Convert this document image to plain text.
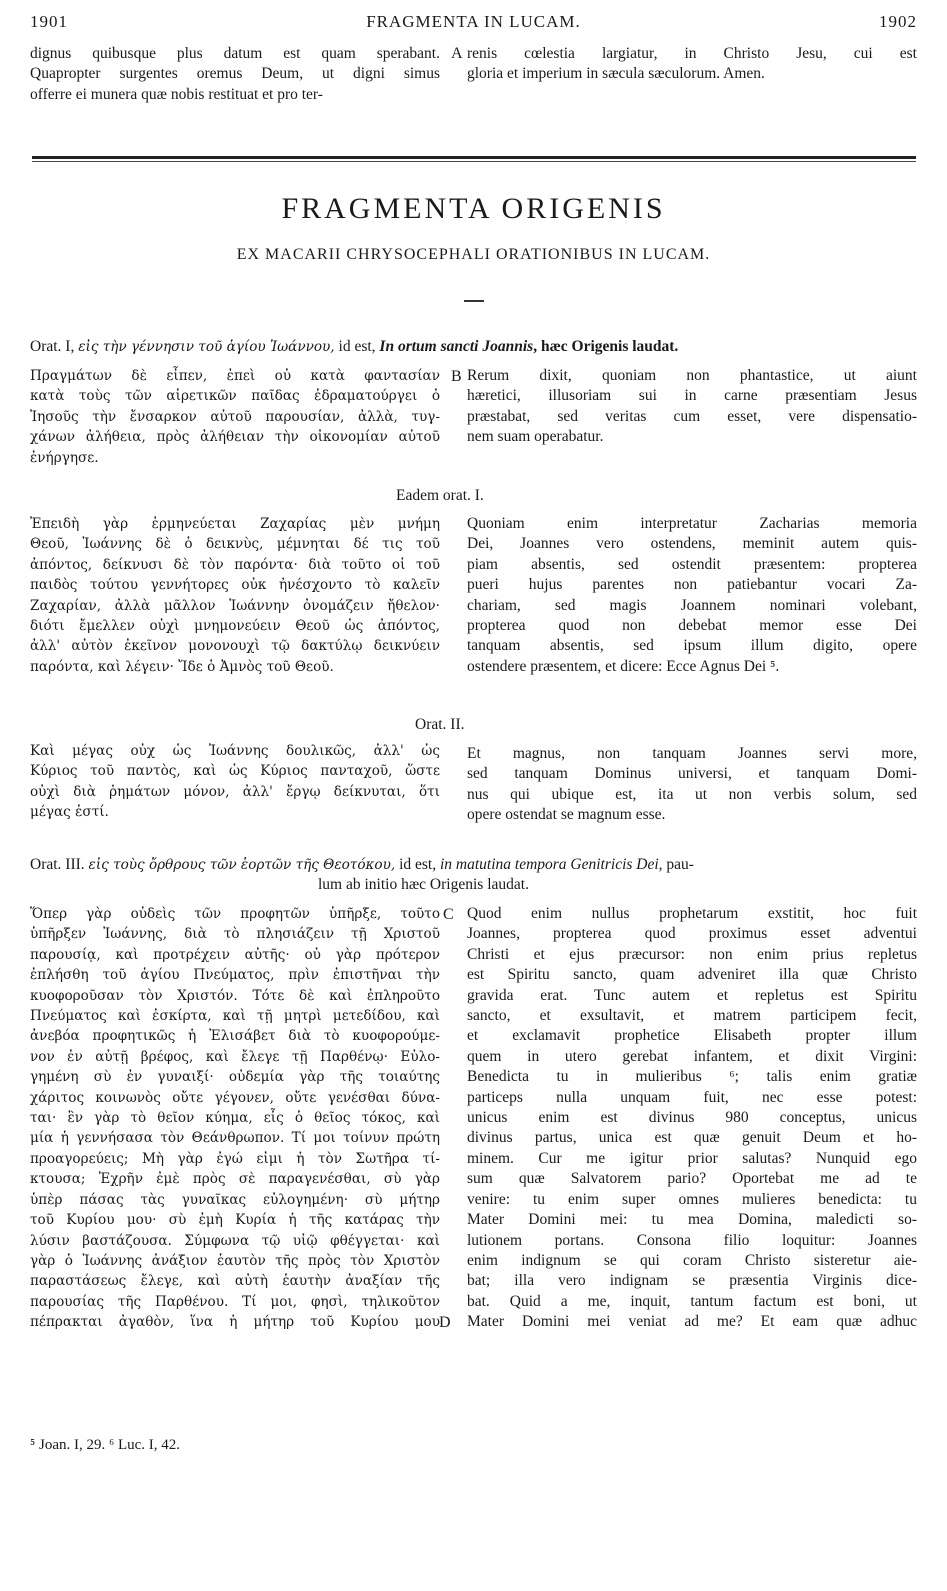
1901	FRAGMENTA IN LUCAM.	1902
dignus quibusque plus datum est quam sperabant.
Quapropter surgentes oremus Deum, ut digni simus
offerre ei munera quæ nobis restituat et pro ter-
A renis cœlestia largiatur, in Christo Jesu, cui est
gloria et imperium in sæcula sæculorum. Amen.
FRAGMENTA ORIGENIS
EX MACARII CHRYSOCEPHALI ORATIONIBUS IN LUCAM.
Orat. I, εἰς τὴν γέννησιν τοῦ ἁγίου Ἰωάννου, id est, In ortum sancti Joannis, hæc Origenis laudat.
Πραγμάτων δὲ εἶπεν, ἐπεὶ οὐ κατὰ φαντασίαν
κατὰ τοὺς τῶν αἱρετικῶν παῖδας ἐδραματούργει ὁ
Ἰησοῦς τὴν ἔνσαρκον αὐτοῦ παρουσίαν, ἀλλὰ, τυγ-
χάνων ἀλήθεια, πρὸς ἀλήθειαν τὴν οἰκονομίαν αὐτοῦ
ἐνήργησε.
B Rerum dixit, quoniam non phantastice, ut aiunt
hæretici, illusoriam sui in carne præsentiam Jesus
præstabat, sed veritas cum esset, vere dispensatio-
nem suam operabatur.
Eadem orat. I.
Ἐπειδὴ γὰρ ἑρμηνεύεται Ζαχαρίας μὲν μνήμη
Θεοῦ, Ἰωάννης δὲ ὁ δεικνὺς, μέμνηται δέ τις τοῦ
ἀπόντος, δείκνυσι δὲ τὸν παρόντα· διὰ τοῦτο οἱ τοῦ
παιδὸς τούτου γεννήτορες οὐκ ἠνέσχοντο τὸ καλεῖν
Ζαχαρίαν, ἀλλὰ μᾶλλον Ἰωάννην ὀνομάζειν ἤθελον·
διότι ἔμελλεν οὐχὶ μνημονεύειν Θεοῦ ὡς ἀπόντος,
ἀλλ' αὐτὸν ἐκεῖνον μονονουχὶ τῷ δακτύλῳ δεικνύειν
παρόντα, καὶ λέγειν· Ἴδε ὁ Ἀμνὸς τοῦ Θεοῦ.
Quoniam enim interpretatur Zacharias memoria
Dei, Joannes vero ostendens, meminit autem quis-
piam absentis, sed ostendit præsentem: propterea
pueri hujus parentes non patiebantur vocari Za-
chariam, sed magis Joannem nominari volebant,
propterea quod non debebat memor esse Dei
tanquam absentis, sed ipsum illum digito, opere
ostendere præsentem, et dicere: Ecce Agnus Dei ⁵.
Orat. II.
Καὶ μέγας οὐχ ὡς Ἰωάννης δουλικῶς, ἀλλ' ὡς
Κύριος τοῦ παντὸς, καὶ ὡς Κύριος πανταχοῦ, ὥστε
οὐχὶ διὰ ῥημάτων μόνον, ἀλλ' ἔργῳ δείκνυται, ὅτι
μέγας ἐστί.
Et magnus, non tanquam Joannes servi more,
sed tanquam Dominus universi, et tanquam Domi-
nus qui ubique est, ita ut non verbis solum, sed
opere ostendat se magnum esse.
Orat. III. εἰς τοὺς ὄρθρους τῶν ἑορτῶν τῆς Θεοτόκου, id est, in matutina tempora Genitricis Dei, pau-
lum ab initio hæc Origenis laudat.
Ὅπερ γὰρ οὐδεὶς τῶν προφητῶν ὑπῆρξε, τοῦτο
ὑπῆρξεν Ἰωάννης, διὰ τὸ πλησιάζειν τῇ Χριστοῦ
παρουσίᾳ, καὶ προτρέχειν αὐτῆς· οὐ γὰρ πρότερον
ἐπλήσθη τοῦ ἁγίου Πνεύματος, πρὶν ἐπιστῆναι τὴν
κυοφοροῦσαν τὸν Χριστόν. Τότε δὲ καὶ ἐπληροῦτο
Πνεύματος καὶ ἐσκίρτα, καὶ τῇ μητρὶ μετεδίδου, καὶ
ἀνεβόα προφητικῶς ἡ Ἐλισάβετ διὰ τὸ κυοφορούμε-
νον ἐν αὐτῇ βρέφος, καὶ ἔλεγε τῇ Παρθένῳ· Εὐλο-
γημένη σὺ ἐν γυναιξί· οὐδεμία γὰρ τῆς τοιαύτης
χάριτος κοινωνὸς οὔτε γέγονεν, οὔτε γενέσθαι δύνα-
ται· ἓν γὰρ τὸ θεῖον κύημα, εἷς ὁ θεῖος τόκος, καὶ
μία ἡ γεννήσασα τὸν Θεάνθρωπον. Τί μοι τοίνυν πρώτη
προαγορεύεις; Μὴ γὰρ ἐγώ εἰμι ἡ τὸν Σωτῆρα τί-
κτουσα; Ἐχρῆν ἐμὲ πρὸς σὲ παραγενέσθαι, σὺ γὰρ
ὑπὲρ πάσας τὰς γυναῖκας εὐλογημένη· σὺ μήτηρ
τοῦ Κυρίου μου· σὺ ἐμὴ Κυρία ἡ τῆς κατάρας τὴν
λύσιν βαστάζουσα. Σύμφωνα τῷ υἱῷ φθέγγεται· καὶ
γὰρ ὁ Ἰωάννης ἀνάξιον ἑαυτὸν τῆς πρὸς τὸν Χριστὸν
παραστάσεως ἔλεγε, καὶ αὐτὴ ἑαυτὴν ἀναξίαν τῆς
παρουσίας τῆς Παρθένου. Τί μοι, φησὶ, τηλικοῦτον
πέπρακται ἀγαθὸν, ἵνα ἡ μήτηρ τοῦ Κυρίου μου
C
D
Quod enim nullus prophetarum exstitit, hoc fuit
Joannes, propterea quod proximus esset adventui
Christi et ejus præcursor: non enim prius repletus
est Spiritu sancto, quam adveniret illa quæ Christo
gravida erat. Tunc autem et repletus est Spiritu
sancto, et exsultavit, et matrem participem fecit,
et exclamavit prophetice Elisabeth propter illum
quem in utero gerebat infantem, et dixit Virgini:
Benedicta tu in mulieribus ⁶; talis enim gratiæ
particeps nulla unquam fuit, nec esse potest:
unicus enim est divinus 980 conceptus, unicus
divinus partus, unica est quæ genuit Deum et ho-
minem. Cur me igitur prior salutas? Nunquid ego
sum quæ Salvatorem pario? Oportebat me ad te
venire: tu enim super omnes mulieres benedicta: tu
Mater Domini mei: tu mea Domina, maledicti so-
lutionem portans. Consona filio loquitur: Joannes
enim indignum se qui coram Christo sisteretur aie-
bat; illa vero indignam se præsentia Virginis dice-
bat. Quid a me, inquit, tantum factum est boni, ut
Mater Domini mei veniat ad me? Et eam quæ adhuc
⁵ Joan. I, 29. ⁶ Luc. I, 42.
